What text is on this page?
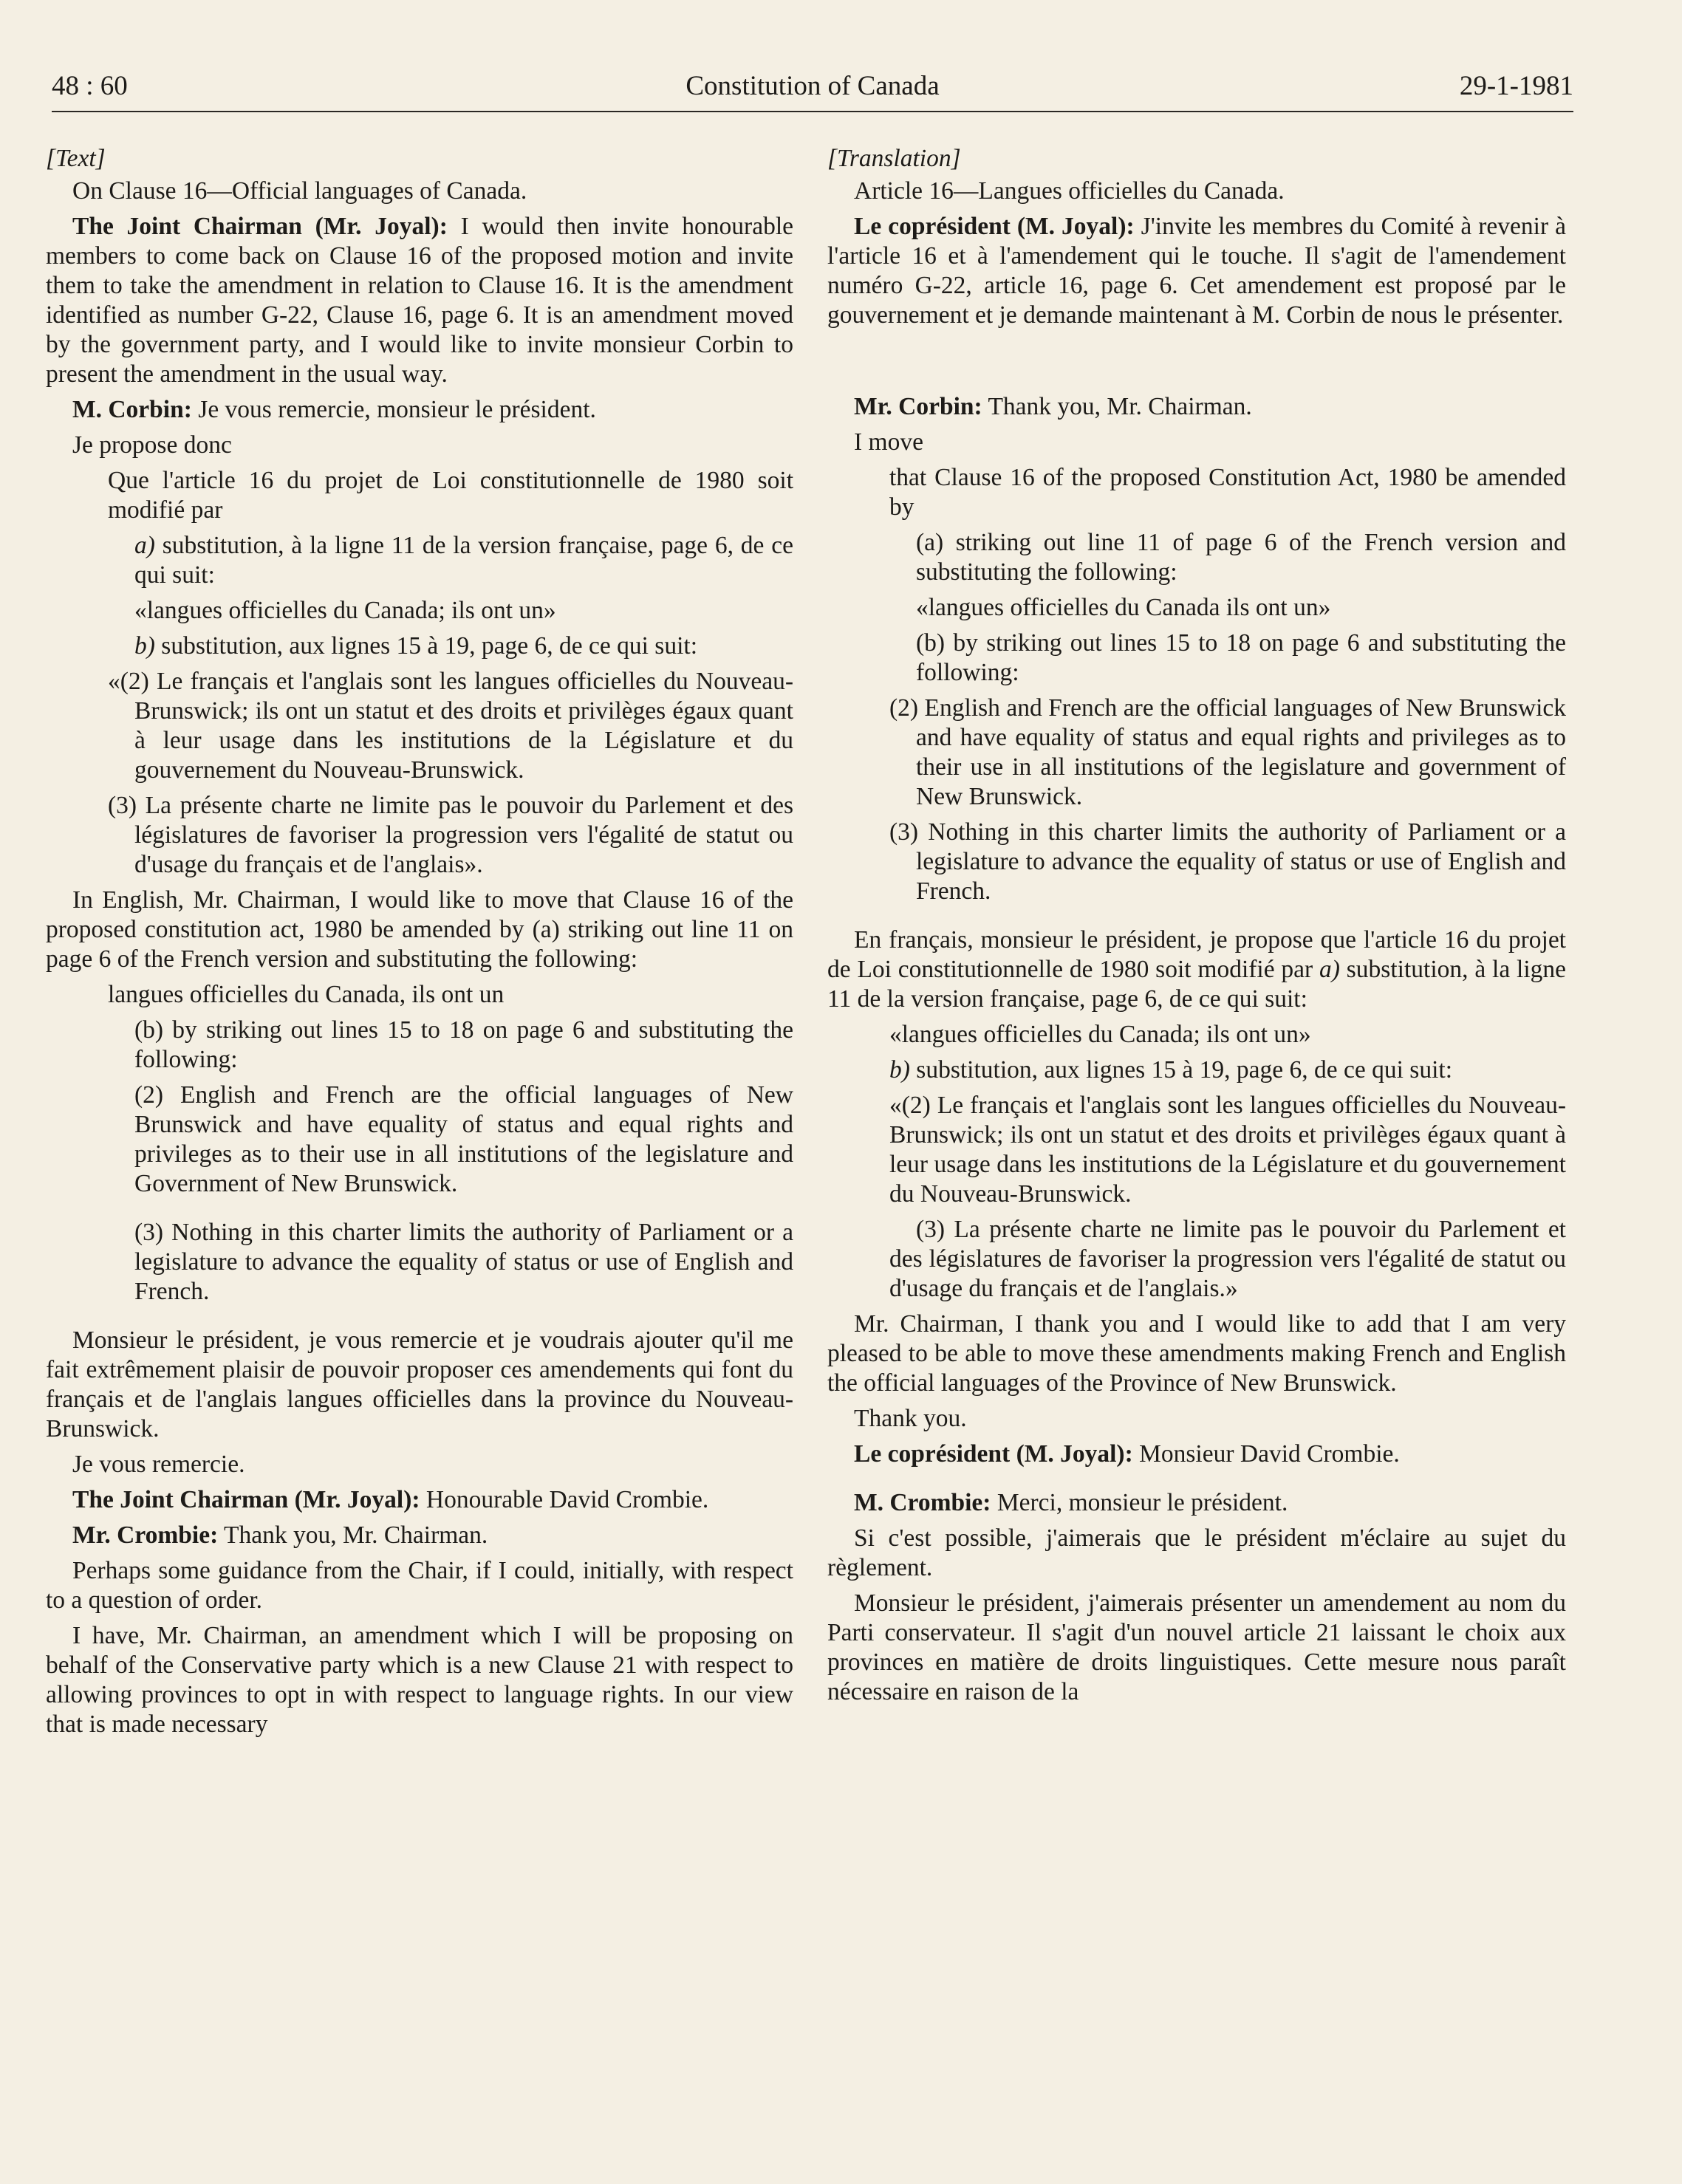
48 : 60	Constitution of Canada	29-1-1981

[Text]

On Clause 16—Official languages of Canada.

The Joint Chairman (Mr. Joyal): I would then invite honourable members to come back on Clause 16 of the proposed motion and invite them to take the amendment in relation to Clause 16. It is the amendment identified as number G-22, Clause 16, page 6. It is an amendment moved by the government party, and I would like to invite monsieur Corbin to present the amendment in the usual way.

M. Corbin: Je vous remercie, monsieur le président.

Je propose donc

Que l'article 16 du projet de Loi constitutionnelle de 1980 soit modifié par

a) substitution, à la ligne 11 de la version française, page 6, de ce qui suit:

«langues officielles du Canada; ils ont un»

b) substitution, aux lignes 15 à 19, page 6, de ce qui suit:

«(2) Le français et l'anglais sont les langues officielles du Nouveau-Brunswick; ils ont un statut et des droits et privilèges égaux quant à leur usage dans les institutions de la Législature et du gouvernement du Nouveau-Brunswick.

(3) La présente charte ne limite pas le pouvoir du Parlement et des législatures de favoriser la progression vers l'égalité de statut ou d'usage du français et de l'anglais».

In English, Mr. Chairman, I would like to move that Clause 16 of the proposed constitution act, 1980 be amended by (a) striking out line 11 on page 6 of the French version and substituting the following:

langues officielles du Canada, ils ont un

(b) by striking out lines 15 to 18 on page 6 and substituting the following:

(2) English and French are the official languages of New Brunswick and have equality of status and equal rights and privileges as to their use in all institutions of the legislature and Government of New Brunswick.

(3) Nothing in this charter limits the authority of Parliament or a legislature to advance the equality of status or use of English and French.

Monsieur le président, je vous remercie et je voudrais ajouter qu'il me fait extrêmement plaisir de pouvoir proposer ces amendements qui font du français et de l'anglais langues officielles dans la province du Nouveau-Brunswick.

Je vous remercie.

The Joint Chairman (Mr. Joyal): Honourable David Crombie.

Mr. Crombie: Thank you, Mr. Chairman.

Perhaps some guidance from the Chair, if I could, initially, with respect to a question of order.

I have, Mr. Chairman, an amendment which I will be proposing on behalf of the Conservative party which is a new Clause 21 with respect to allowing provinces to opt in with respect to language rights. In our view that is made necessary

[Translation]

Article 16—Langues officielles du Canada.

Le coprésident (M. Joyal): J'invite les membres du Comité à revenir à l'article 16 et à l'amendement qui le touche. Il s'agit de l'amendement numéro G-22, article 16, page 6. Cet amendement est proposé par le gouvernement et je demande maintenant à M. Corbin de nous le présenter.

Mr. Corbin: Thank you, Mr. Chairman.

I move

that Clause 16 of the proposed Constitution Act, 1980 be amended by

(a) striking out line 11 of page 6 of the French version and substituting the following:

«langues officielles du Canada ils ont un»

(b) by striking out lines 15 to 18 on page 6 and substituting the following:

(2) English and French are the official languages of New Brunswick and have equality of status and equal rights and privileges as to their use in all institutions of the legislature and government of New Brunswick.

(3) Nothing in this charter limits the authority of Parliament or a legislature to advance the equality of status or use of English and French.

En français, monsieur le président, je propose que l'article 16 du projet de Loi constitutionnelle de 1980 soit modifié par a) substitution, à la ligne 11 de la version française, page 6, de ce qui suit:

«langues officielles du Canada; ils ont un»

b) substitution, aux lignes 15 à 19, page 6, de ce qui suit:

«(2) Le français et l'anglais sont les langues officielles du Nouveau-Brunswick; ils ont un statut et des droits et privilèges égaux quant à leur usage dans les institutions de la Législature et du gouvernement du Nouveau-Brunswick.

(3) La présente charte ne limite pas le pouvoir du Parlement et des législatures de favoriser la progression vers l'égalité de statut ou d'usage du français et de l'anglais.»

Mr. Chairman, I thank you and I would like to add that I am very pleased to be able to move these amendments making French and English the official languages of the Province of New Brunswick.

Thank you.

Le coprésident (M. Joyal): Monsieur David Crombie.

M. Crombie: Merci, monsieur le président.

Si c'est possible, j'aimerais que le président m'éclaire au sujet du règlement.

Monsieur le président, j'aimerais présenter un amendement au nom du Parti conservateur. Il s'agit d'un nouvel article 21 laissant le choix aux provinces en matière de droits linguistiques. Cette mesure nous paraît nécessaire en raison de la
